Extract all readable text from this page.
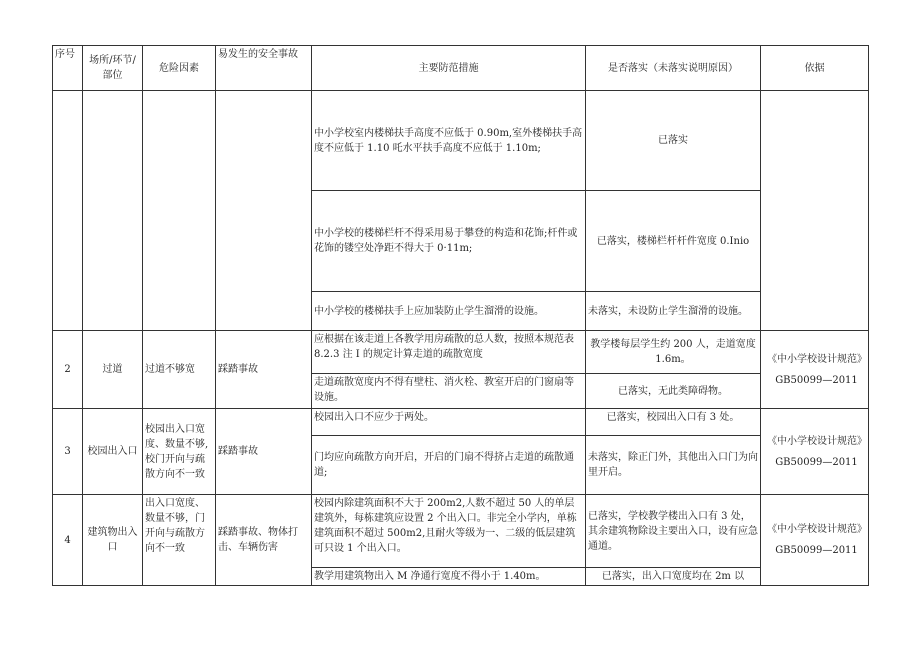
序号	场所/环节/部位	危险因素	易发生的安全事故	主要防范措施	是否落实（未落实说明原因）	依据
				中小学校室内楼梯扶手高度不应低于 0.90m,室外楼梯扶手高度不应低于 1.10 吒水平扶手高度不应低于 1.10m;	已落实	
				中小学校的楼梯栏杆不得采用易于攀登的构造和花饰;杆件或花饰的镂空处净距不得大于 0·11m;	已落实，楼梯栏杆杆件宽度 0.Inio	
				中小学校的楼梯扶手上应加装防止学生溜滑的设施。	未落实，未设防止学生溜滑的设施。	
2	过道	过道不够宽	踩踏事故	应根据在该走道上各教学用房疏散的总人数，按照本规范表 8.2.3 注 I 的规定计算走道的疏散宽度	教学楼每层学生约 200 人，走道宽度 1.6m。	《中小学校设计规范》
GB50099—2011

				走道疏散宽度内不得有壁柱、消火栓、教室开启的门窗扇等设施。	已落实，无此类障碍物。	
3	校园出入口	校园出入口宽度、数量不够,校门开向与疏散方向不一致	踩踏事故	校园出入口不应少于两处。	已落实，校园出入口有 3 处。	《中小学校设计规范》
GB50099—2011

				门均应向疏散方向开启，开启的门扇不得挤占走道的疏散通道;	未落实，除正门外，其他出入口门为向里开启。	
4	建筑物出入口	出入口宽度、数量不够，门开向与疏散方向不一致	踩踏事故、物体打击、车辆伤害	校园内除建筑面积不大于 200m2,人数不超过 50 人的单层建筑外，每栋建筑应设置 2 个出入口。非完全小学内，单栋建筑面积不超过 500m2,且耐火等级为一、二级的低层建筑可只设 1 个出入口。	已落实，学校教学楼出入口有 3 处，其余建筑物除设主要出入口，设有应急通道。	《中小学校设计规范》
GB50099—2011

				教学用建筑物出入 M 净通行宽度不得小于 1.40m。	已落实，出入口宽度均在 2m 以	
